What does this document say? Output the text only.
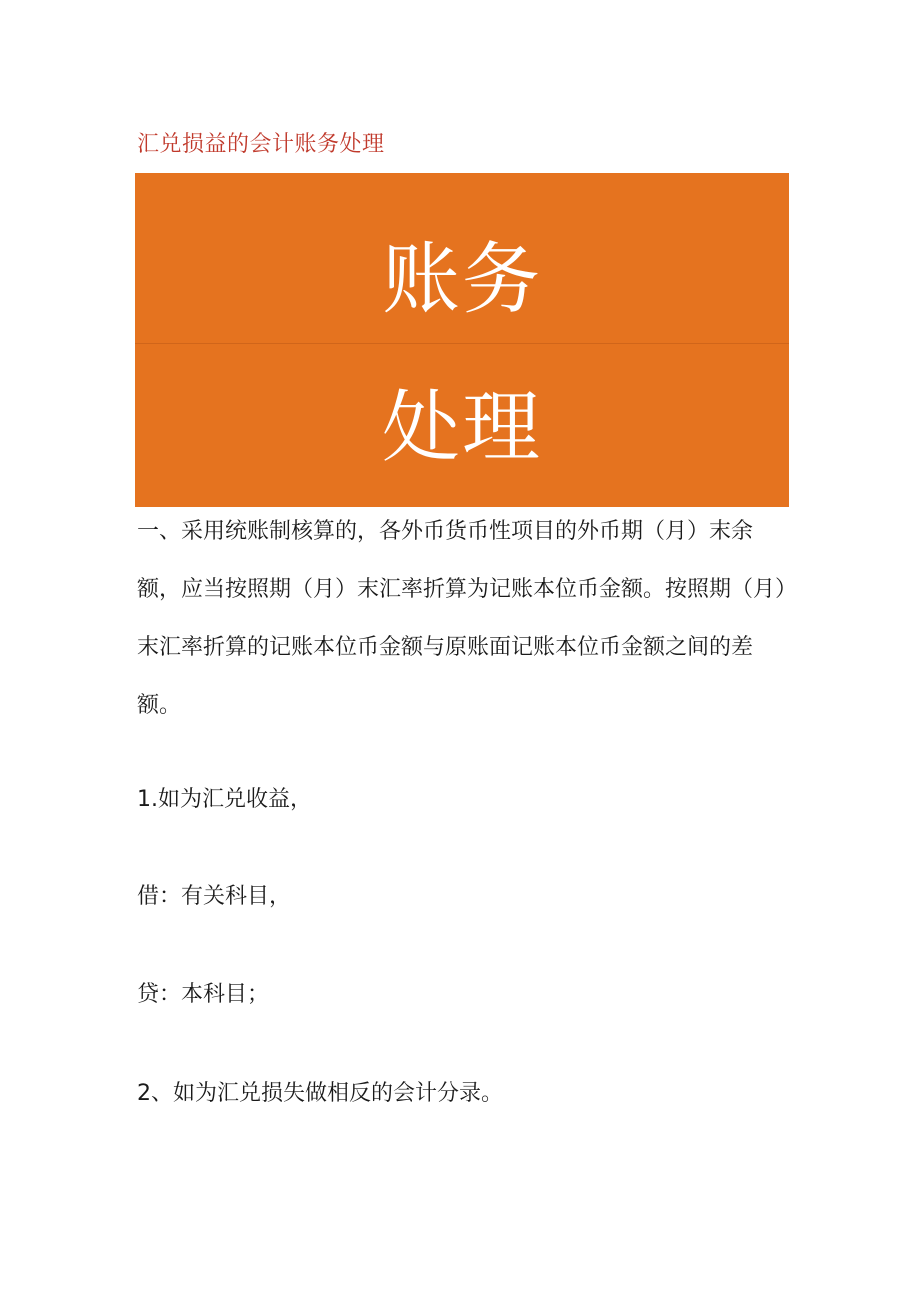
汇兑损益的会计账务处理
账务
处理

一、采用统账制核算的，各外币货币性项目的外币期（月）末余额，应当按照期（月）末汇率折算为记账本位币金额。按照期（月）末汇率折算的记账本位币金额与原账面记账本位币金额之间的差额。

1.如为汇兑收益，

借：有关科目，

贷：本科目；

2、如为汇兑损失做相反的会计分录。
